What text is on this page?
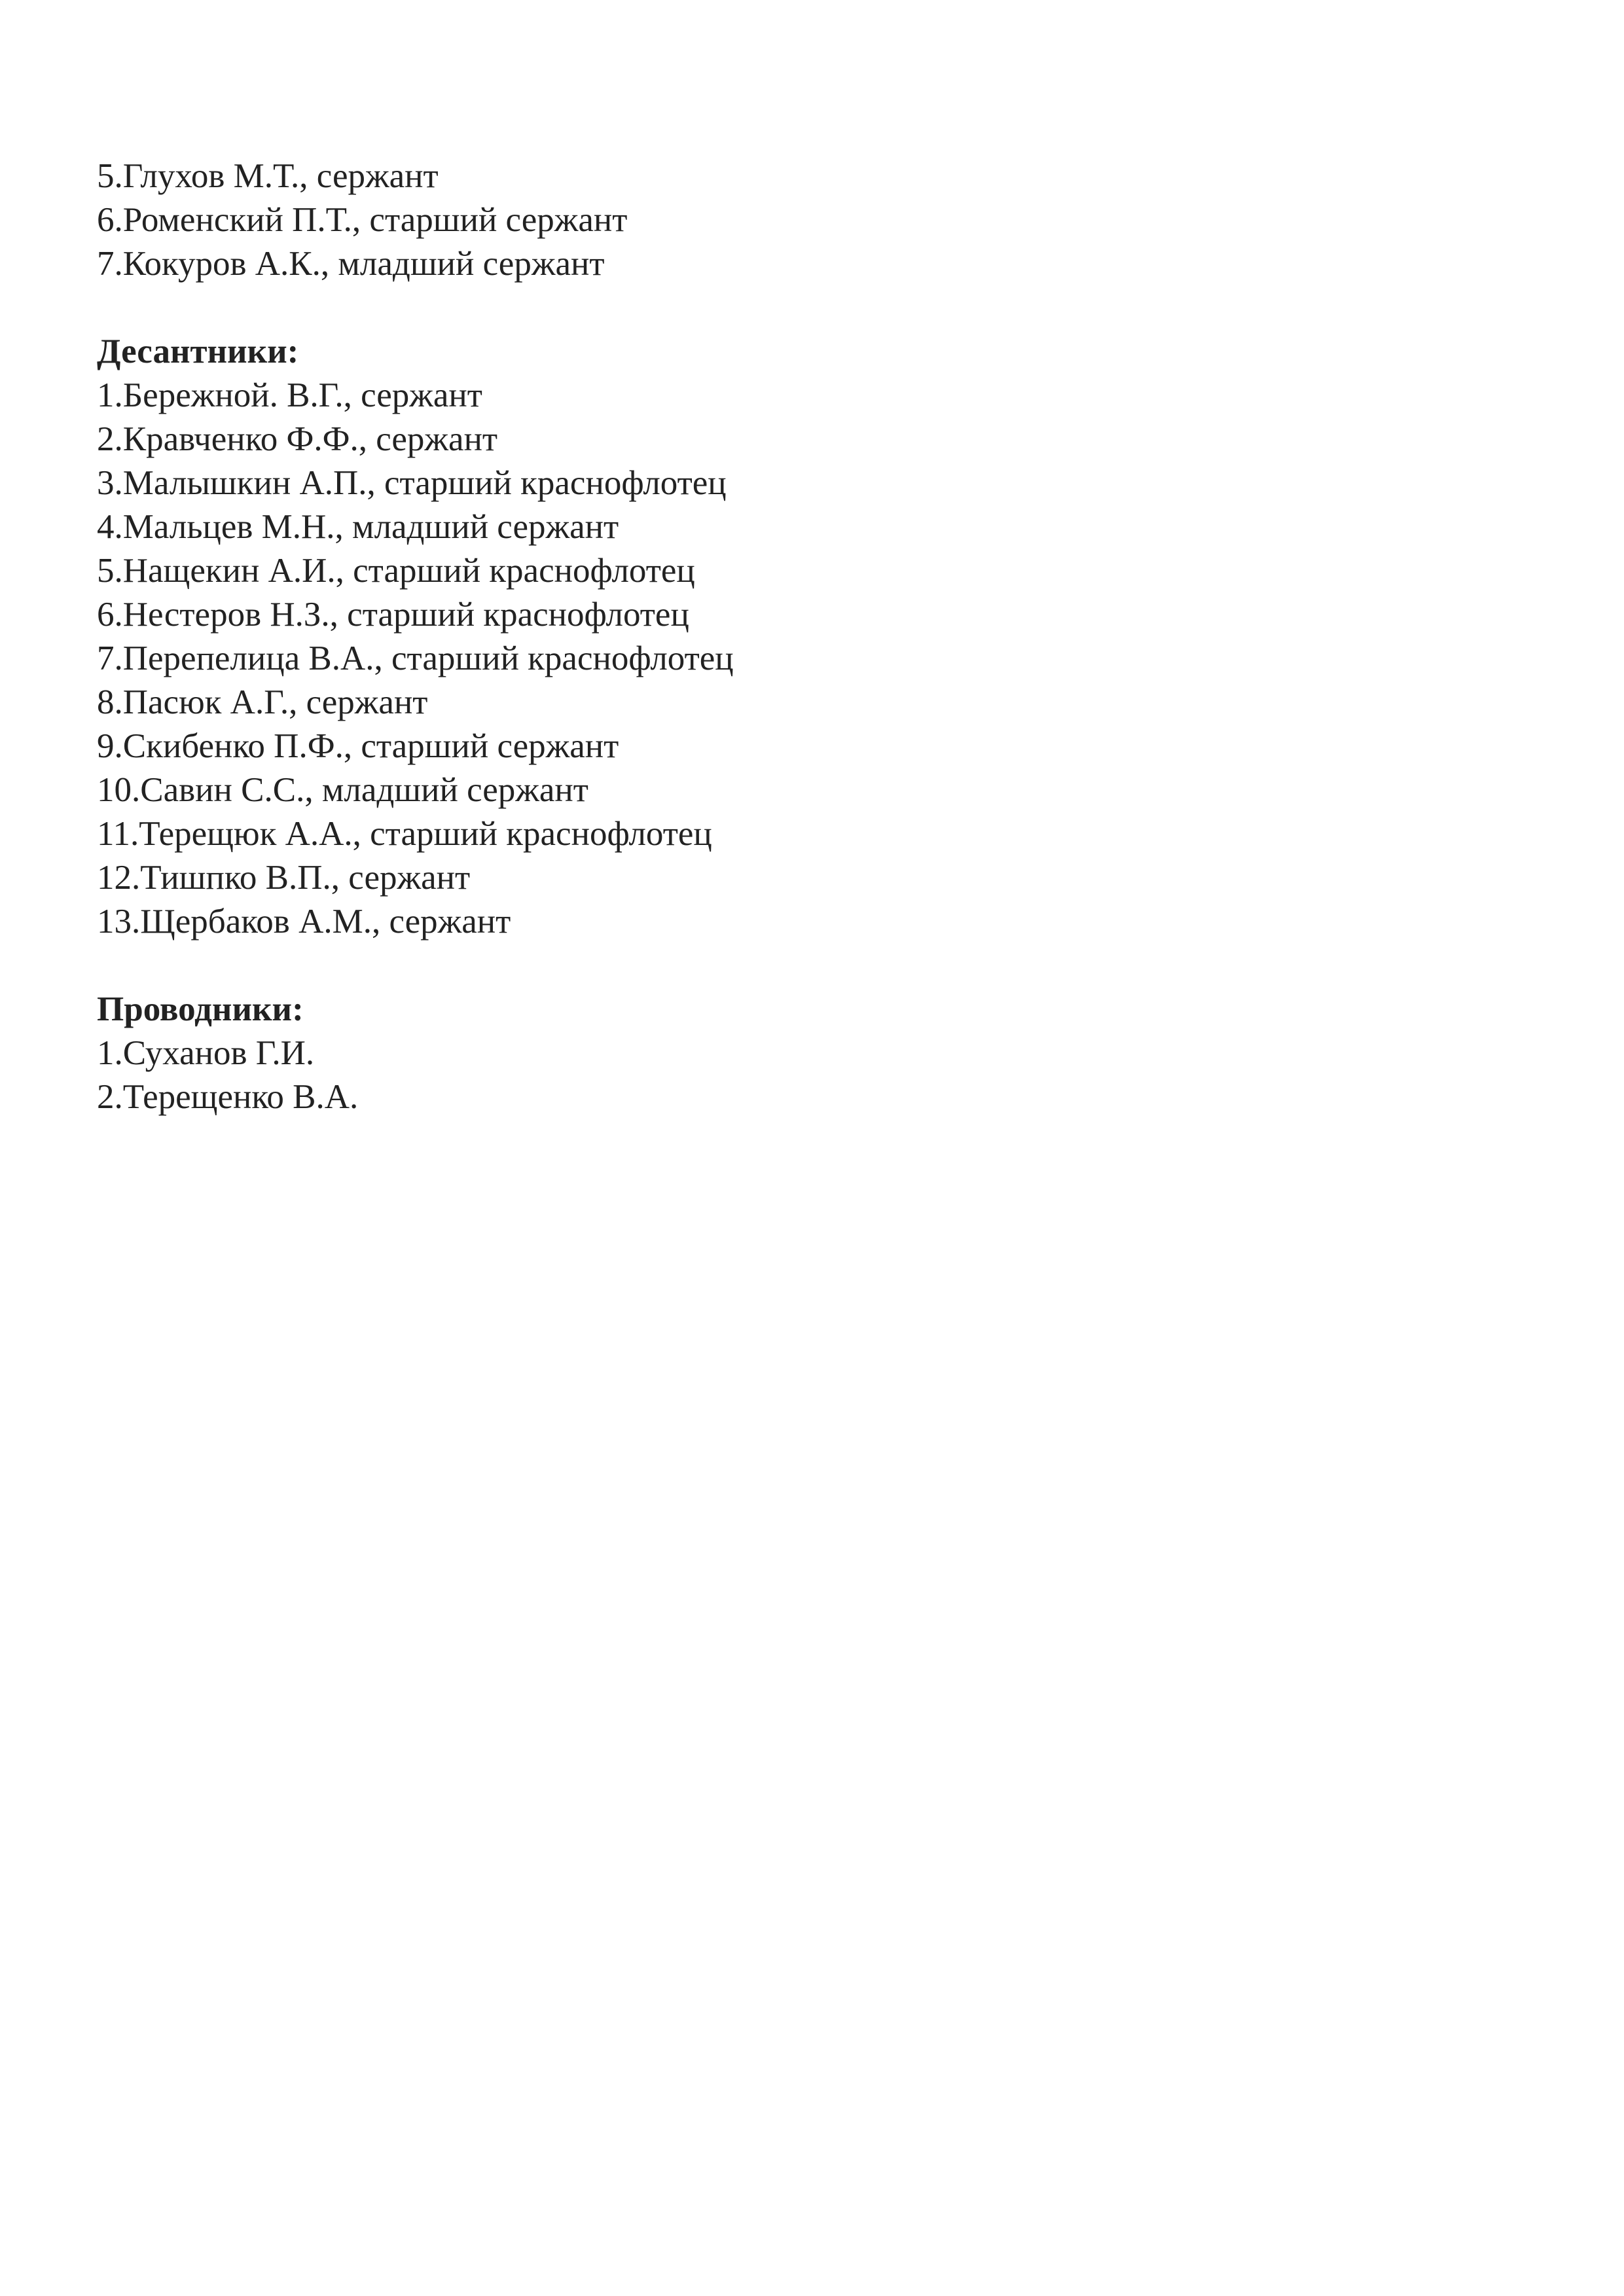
5.Глухов М.Т., сержант
6.Роменский П.Т., старший сержант
7.Кокуров А.К., младший сержант
Десантники:
1.Бережной. В.Г., сержант
2.Кравченко Ф.Ф., сержант
3.Малышкин А.П., старший краснофлотец
4.Мальцев М.Н., младший сержант
5.Нащекин А.И., старший краснофлотец
6.Нестеров Н.З., старший краснофлотец
7.Перепелица В.А., старший краснофлотец
8.Пасюк А.Г., сержант
9.Скибенко П.Ф., старший сержант
10.Савин С.С., младший сержант
11.Терещюк А.А., старший краснофлотец
12.Тишпко В.П., сержант
13.Щербаков А.М., сержант
Проводники:
1.Суханов Г.И.
2.Терещенко В.А.
